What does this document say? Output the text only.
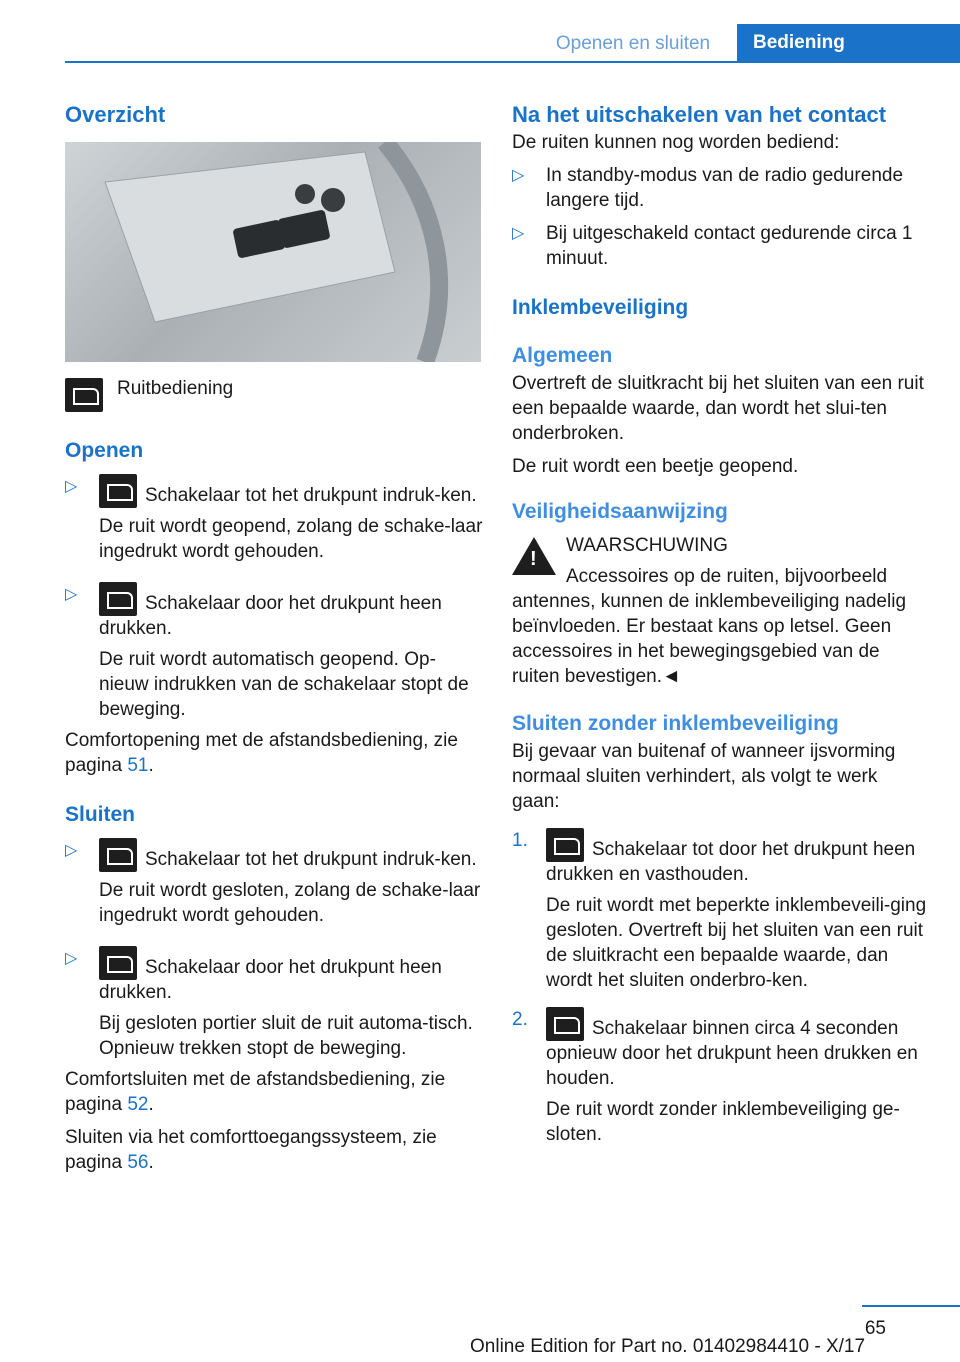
Openen en sluiten	Bediening
Overzicht
Ruitbediening
Openen
▷	Schakelaar tot het drukpunt indruk-ken.

De ruit wordt geopend, zolang de schake-laar ingedrukt wordt gehouden.

▷	Schakelaar door het drukpunt heen drukken.

De ruit wordt automatisch geopend. Op-nieuw indrukken van de schakelaar stopt de beweging.

Comfortopening met de afstandsbediening, zie pagina 51.

Sluiten
▷	Schakelaar tot het drukpunt indruk-ken.

De ruit wordt gesloten, zolang de schake-laar ingedrukt wordt gehouden.

▷	Schakelaar door het drukpunt heen drukken.

Bij gesloten portier sluit de ruit automa-tisch. Opnieuw trekken stopt de beweging.

Comfortsluiten met de afstandsbediening, zie pagina 52.

Sluiten via het comforttoegangssysteem, zie pagina 56.

Na het uitschakelen van het contact

De ruiten kunnen nog worden bediend:

▷	In standby-modus van de radio gedurende langere tijd.
▷	Bij uitgeschakeld contact gedurende circa 1 minuut.
Inklembeveiliging
Algemeen

Overtreft de sluitkracht bij het sluiten van een ruit een bepaalde waarde, dan wordt het slui-ten onderbroken.

De ruit wordt een beetje geopend.

Veiligheidsaanwijzing
!

WAARSCHUWING

Accessoires op de ruiten, bijvoorbeeld antennes, kunnen de inklembeveiliging nadelig beïnvloeden. Er bestaat kans op letsel. Geen accessoires in het bewegingsgebied van de ruiten bevestigen.◄

Sluiten zonder inklembeveiliging

Bij gevaar van buitenaf of wanneer ijsvorming normaal sluiten verhindert, als volgt te werk gaan:

1.	Schakelaar tot door het drukpunt heen drukken en vasthouden.

De ruit wordt met beperkte inklembeveili-ging gesloten. Overtreft bij het sluiten van een ruit de sluitkracht een bepaalde waarde, dan wordt het sluiten onderbro-ken.

2.	Schakelaar binnen circa 4 seconden opnieuw door het drukpunt heen drukken en houden.

De ruit wordt zonder inklembeveiliging ge-sloten.

65
Online Edition for Part no. 01402984410 - X/17
